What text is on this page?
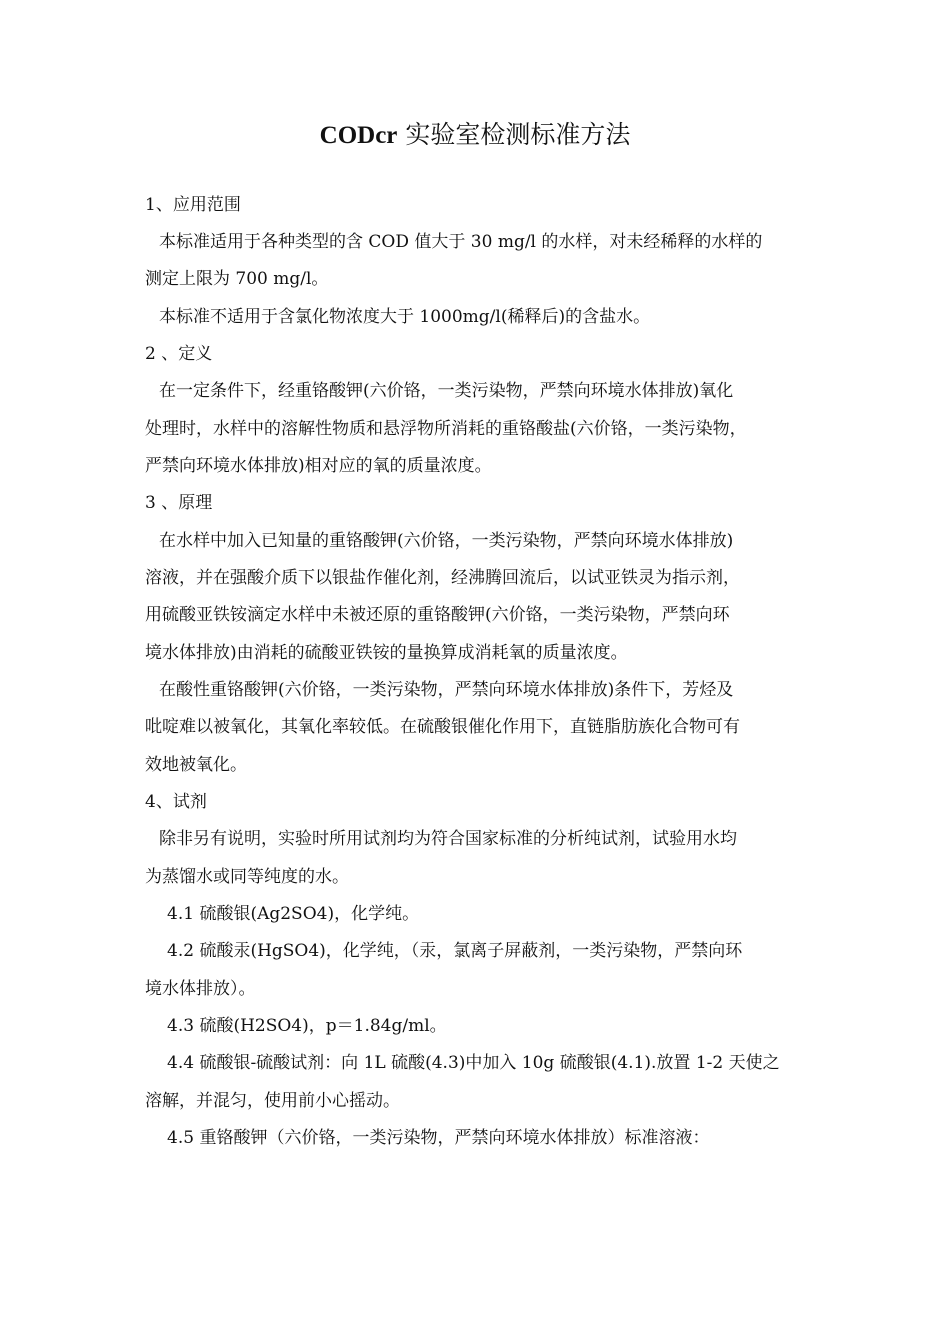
CODcr 实验室检测标准方法
1、应用范围
本标准适用于各种类型的含 COD 值大于 30 mg/l 的水样，对未经稀释的水样的
测定上限为 700 mg/l。
本标准不适用于含氯化物浓度大于 1000mg/l(稀释后)的含盐水。
2 、定义
在一定条件下，经重铬酸钾(六价铬，一类污染物，严禁向环境水体排放)氧化
处理时，水样中的溶解性物质和悬浮物所消耗的重铬酸盐(六价铬，一类污染物，
严禁向环境水体排放)相对应的氧的质量浓度。
3 、原理
在水样中加入已知量的重铬酸钾(六价铬，一类污染物，严禁向环境水体排放)
溶液，并在强酸介质下以银盐作催化剂，经沸腾回流后，以试亚铁灵为指示剂，
用硫酸亚铁铵滴定水样中未被还原的重铬酸钾(六价铬，一类污染物，严禁向环
境水体排放)由消耗的硫酸亚铁铵的量换算成消耗氧的质量浓度。
在酸性重铬酸钾(六价铬，一类污染物，严禁向环境水体排放)条件下，芳烃及
吡啶难以被氧化，其氧化率较低。在硫酸银催化作用下，直链脂肪族化合物可有
效地被氧化。
4、试剂
除非另有说明，实验时所用试剂均为符合国家标准的分析纯试剂，试验用水均
为蒸馏水或同等纯度的水。
4.1 硫酸银(Ag2SO4)，化学纯。
4.2 硫酸汞(HgSO4)，化学纯，（汞，氯离子屏蔽剂，一类污染物，严禁向环
境水体排放）。
4.3 硫酸(H2SO4)，p＝1.84g/ml。
4.4 硫酸银-硫酸试剂：向 1L 硫酸(4.3)中加入 10g 硫酸银(4.1).放置 1-2 天使之
溶解，并混匀，使用前小心摇动。
4.5 重铬酸钾（六价铬，一类污染物，严禁向环境水体排放）标准溶液：
